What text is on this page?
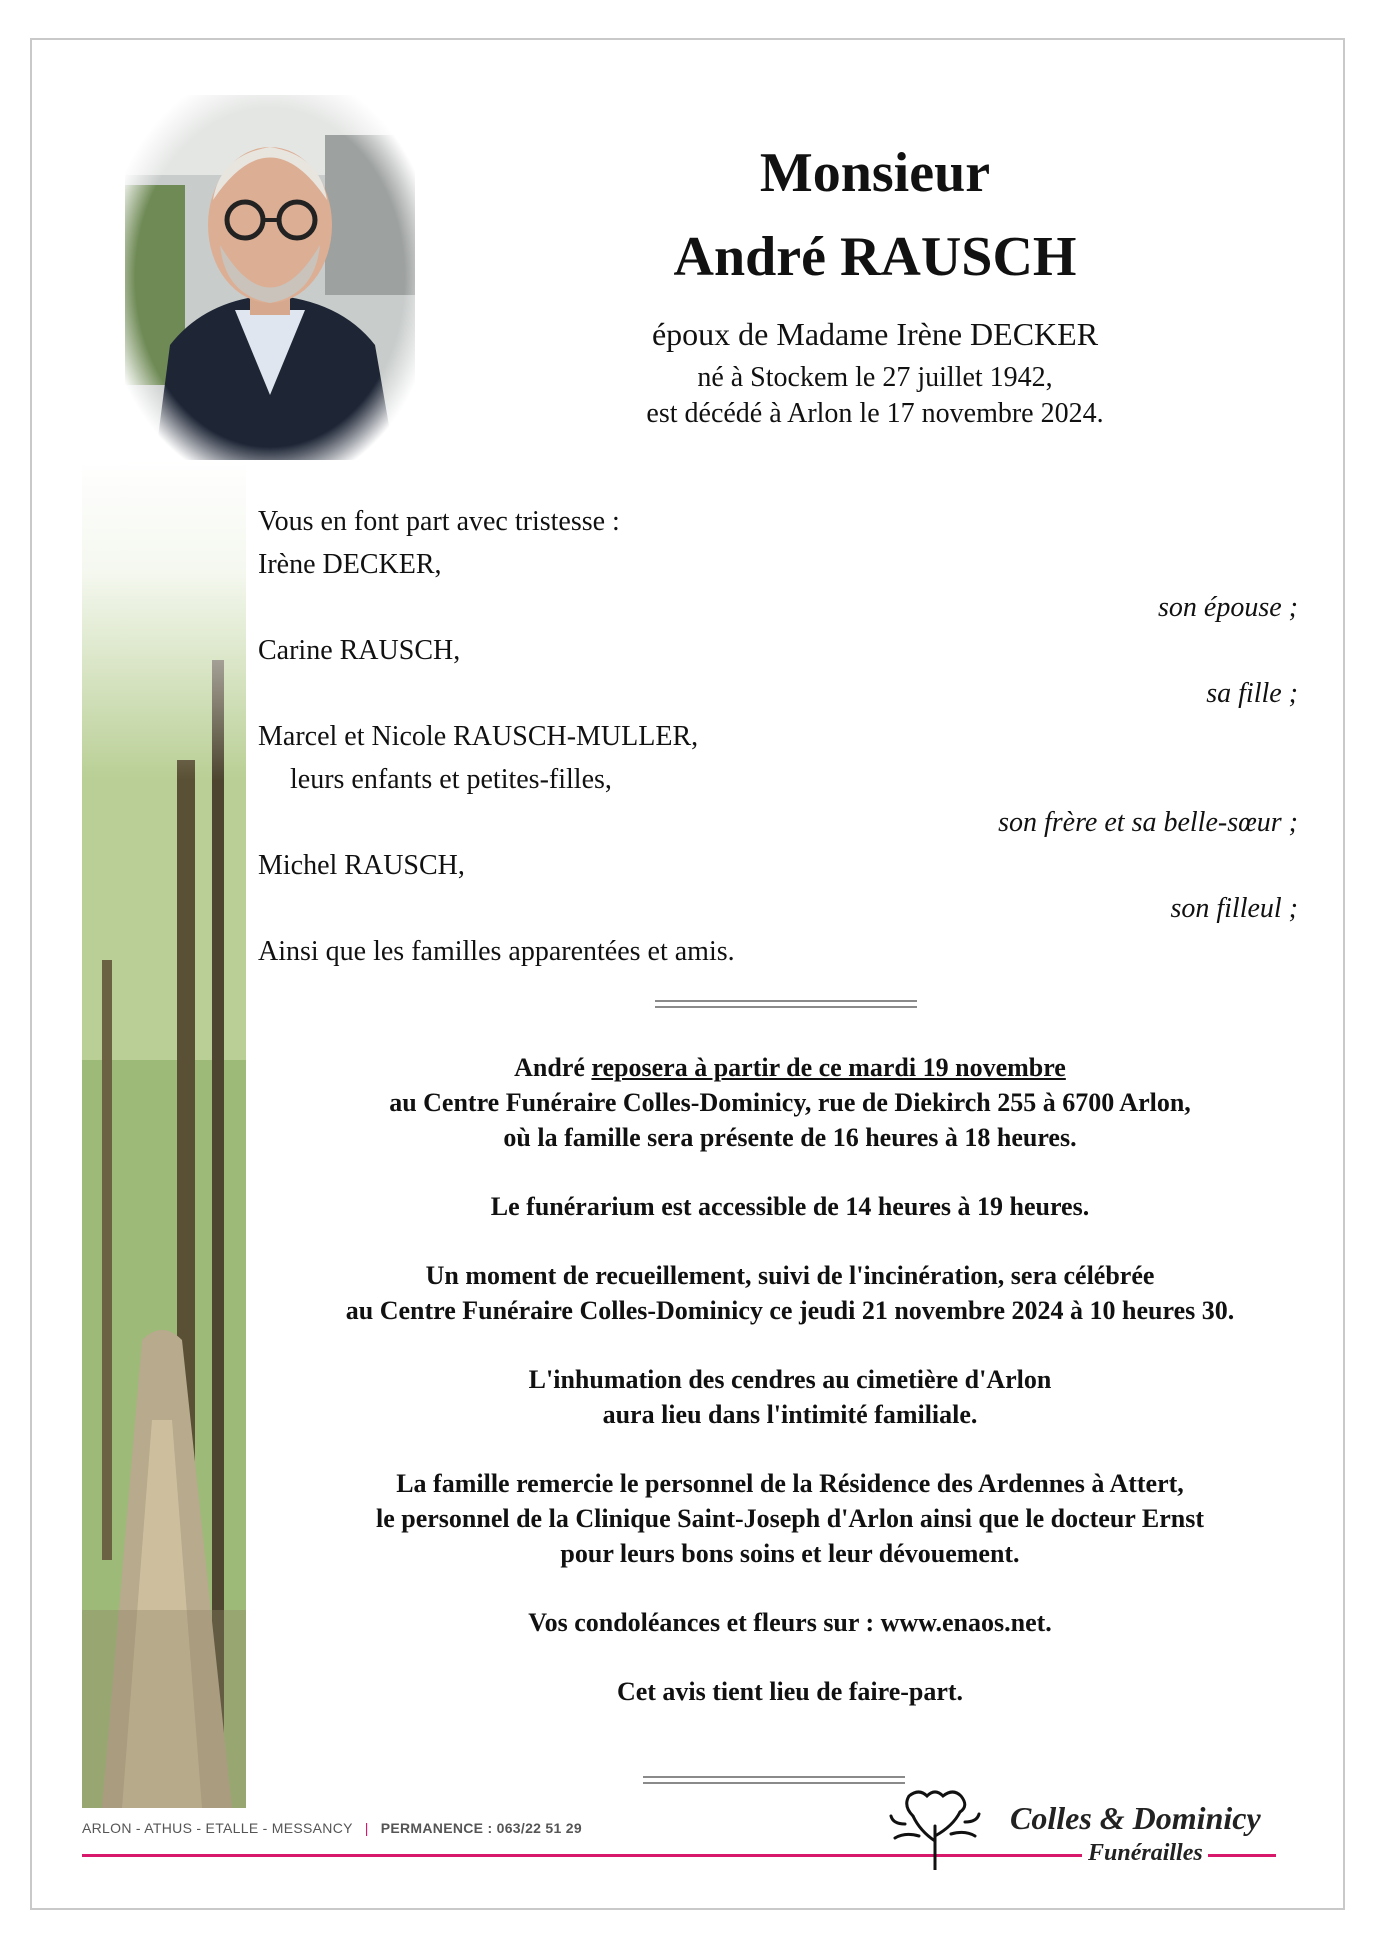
Monsieur
André RAUSCH
époux de Madame Irène DECKER
né à Stockem le 27 juillet 1942,
est décédé à Arlon le 17 novembre 2024.
Vous en font part avec tristesse :
Irène DECKER,
son épouse ;
Carine RAUSCH,
sa fille ;
Marcel et Nicole RAUSCH-MULLER,
leurs enfants et petites-filles,
son frère et sa belle-sœur ;
Michel RAUSCH,
son filleul ;
Ainsi que les familles apparentées et amis.
André reposera à partir de ce mardi 19 novembre
au Centre Funéraire Colles-Dominicy, rue de Diekirch 255 à 6700 Arlon,
où la famille sera présente de 16 heures à 18 heures.
Le funérarium est accessible de 14 heures à 19 heures.
Un moment de recueillement, suivi de l'incinération, sera célébrée
au Centre Funéraire Colles-Dominicy ce jeudi 21 novembre 2024 à 10 heures 30.
L'inhumation des cendres au cimetière d'Arlon
aura lieu dans l'intimité familiale.
La famille remercie le personnel de la Résidence des Ardennes à Attert,
le personnel de la Clinique Saint-Joseph d'Arlon ainsi que le docteur Ernst
pour leurs bons soins et leur dévouement.
Vos condoléances et fleurs sur : www.enaos.net.
Cet avis tient lieu de faire-part.
ARLON - ATHUS - ETALLE - MESSANCY | PERMANENCE : 063/22 51 29	Colles & Dominicy
Funérailles
